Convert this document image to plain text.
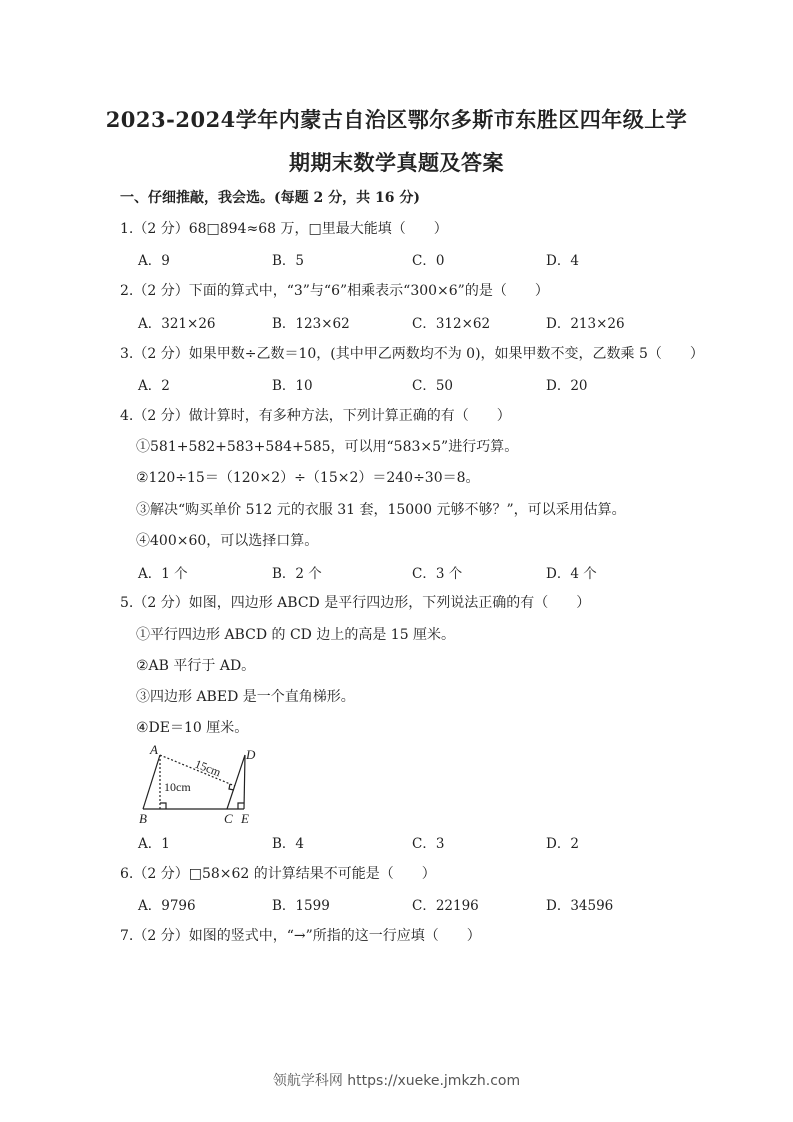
2023-2024学年内蒙古自治区鄂尔多斯市东胜区四年级上学
期期末数学真题及答案
一、仔细推敲，我会选。(每题 2 分，共 16 分)
1.（2 分）68□894≈68 万，□里最大能填（　　）
A．9	B．5	C．0	D．4
2.（2 分）下面的算式中，“3”与“6”相乘表示“300×6”的是（　　）
A．321×26	B．123×62	C．312×62	D．213×26
3.（2 分）如果甲数÷乙数＝10，(其中甲乙两数均不为 0)，如果甲数不变，乙数乘 5（　　）
A．2	B．10	C．50	D．20
4.（2 分）做计算时，有多种方法，下列计算正确的有（　　）
①581+582+583+584+585，可以用“583×5”进行巧算。
②120÷15＝（120×2）÷（15×2）＝240÷30＝8。
③解决“购买单价 512 元的衣服 31 套，15000 元够不够？”，可以采用估算。
④400×60，可以选择口算。
A．1 个	B．2 个	C．3 个	D．4 个
5.（2 分）如图，四边形 ABCD 是平行四边形，下列说法正确的有（　　）
①平行四边形 ABCD 的 CD 边上的高是 15 厘米。
②AB 平行于 AD。
③四边形 ABED 是一个直角梯形。
④DE＝10 厘米。
A
B	C
D
E
15cm
10cm
A．1	B．4	C．3	D．2
6.（2 分）□58×62 的计算结果不可能是（　　）
A．9796	B．1599	C．22196	D．34596
7.（2 分）如图的竖式中，“→”所指的这一行应填（　　）
领航学科网 https://xueke.jmkzh.com
